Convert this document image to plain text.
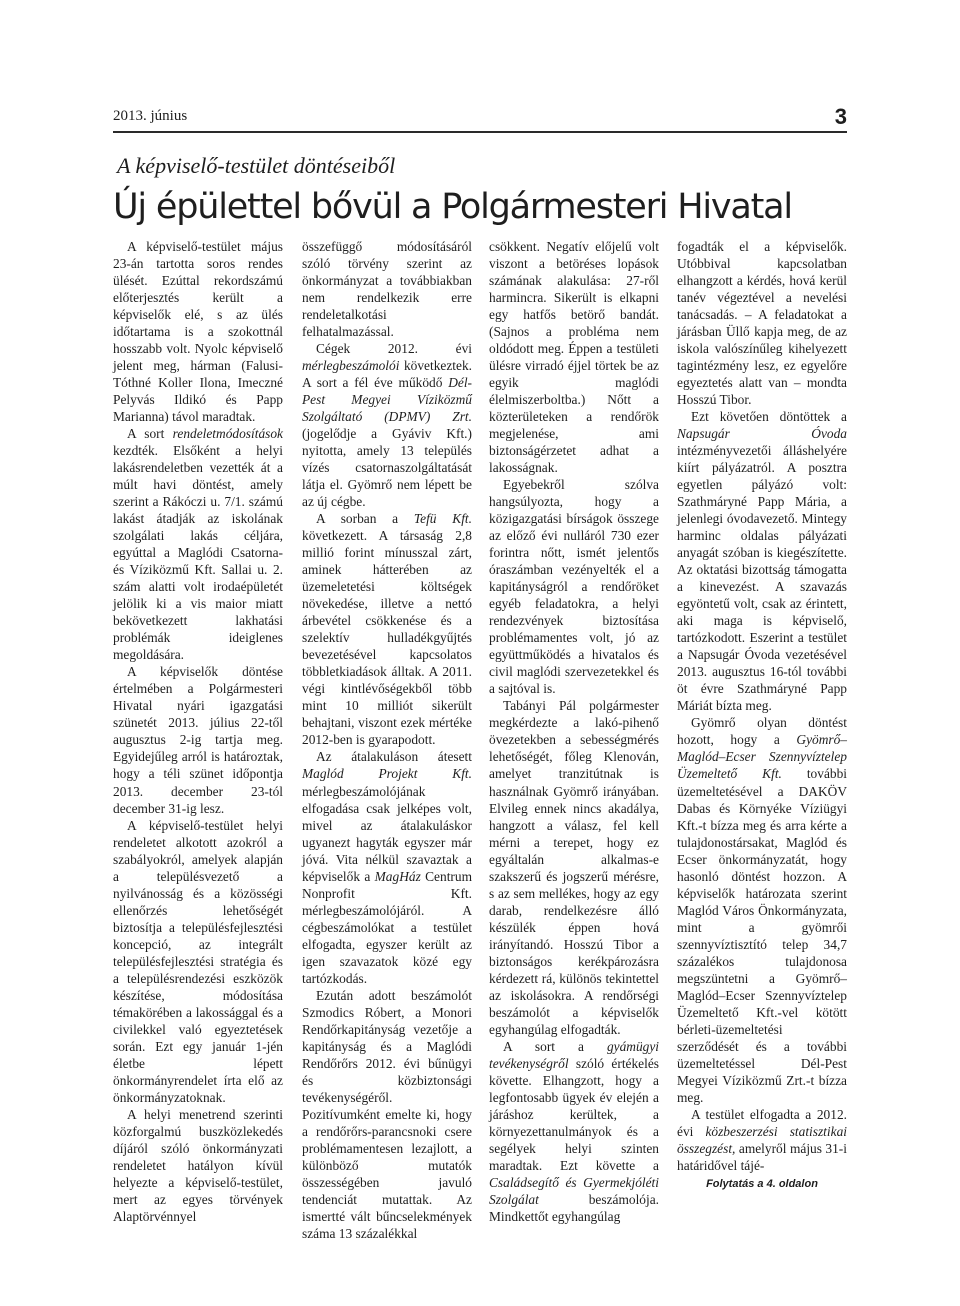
2013. június	3
A képviselő-testület döntéseiből
Új épülettel bővül a Polgármesteri Hivatal

A képviselő-testület május 23-án tartotta soros rendes ülését. Ezúttal rekordszámú előterjesztés került a képviselők elé, s az ülés időtartama is a szokottnál hosszabb volt. Nyolc képviselő jelent meg, hárman (Falusi-Tóthné Koller Ilona, Imeczné Pelyvás Ildikó és Papp Marianna) távol maradtak.

A sort rendeletmódosítások kezdték. Elsőként a helyi lakásrendeletben vezették át a múlt havi döntést, amely szerint a Rákóczi u. 7/1. számú lakást átadják az iskolának szolgálati lakás céljára, egyúttal a Maglódi Csatorna- és Víziközmű Kft. Sallai u. 2. szám alatti volt irodaépületét jelölik ki a vis maior miatt bekövetkezett lakhatási problémák ideiglenes megoldására.

A képviselők döntése értelmében a Polgármesteri Hivatal nyári igazgatási szünetét 2013. július 22-től augusztus 2-ig tartja meg. Egyidejűleg arról is határoztak, hogy a téli szünet időpontja 2013. december 23-tól december 31-ig lesz.

A képviselő-testület helyi rendeletet alkotott azokról a szabályokról, amelyek alapján a településvezető a nyilvánosság és a közösségi ellenőrzés lehetőségét biztosítja a településfejlesztési koncepció, az integrált településfejlesztési stratégia és a településrendezési eszközök készítése, módosítása témakörében a lakossággal és a civilekkel való egyeztetések során. Ezt egy január 1-jén életbe lépett önkormányrendelet írta elő az önkormányzatoknak.

A helyi menetrend szerinti közforgalmú buszközlekedés díjáról szóló önkormányzati rendeletet hatályon kívül helyezte a képviselő-testület, mert az egyes törvények Alaptörvénnyel

összefüggő módosításáról szóló törvény szerint az önkormányzat a továbbiakban nem rendelkezik erre rendeletalkotási felhatalmazással.

Cégek 2012. évi mérlegbeszámolói következtek. A sort a fél éve működő Dél-Pest Megyei Víziközmű Szolgáltató (DPMV) Zrt. (jogelődje a Gyáviv Kft.) nyitotta, amely 13 település vízés csatornaszolgáltatását látja el. Gyömrő nem lépett be az új cégbe.

A sorban a Tefü Kft. következett. A társaság 2,8 millió forint mínusszal zárt, aminek hátterében az üzemeletetési költségek növekedése, illetve a nettó árbevétel csökkenése és a szelektív hulladékgyűjtés bevezetésével kapcsolatos többletkiadások álltak. A 2011. végi kintlévőségekből több mint 10 milliót sikerült behajtani, viszont ezek mértéke 2012-ben is gyarapodott.

Az átalakuláson átesett Maglód Projekt Kft. mérlegbeszámolójának elfogadása csak jelképes volt, mivel az átalakuláskor ugyanezt hagyták egyszer már jóvá. Vita nélkül szavaztak a képviselők a MagHáz Centrum Nonprofit Kft. mérlegbeszámolójáról. A cégbeszámolókat a testület elfogadta, egyszer került az igen szavazatok közé egy tartózkodás.

Ezután adott beszámolót Szmodics Róbert, a Monori Rendőrkapitányság vezetője a kapitányság és a Maglódi Rendőrőrs 2012. évi bűnügyi és közbiztonsági tevékenységéről. Pozitívumként emelte ki, hogy a rendőrőrs-parancsnoki csere problémamentesen lezajlott, a különböző mutatók összességében javuló tendenciát mutattak. Az ismertté vált bűncselekmények száma 13 százalékkal

csökkent. Negatív előjelű volt viszont a betöréses lopások számának alakulása: 27-ről harmincra. Sikerült is elkapni egy hatfős betörő bandát. (Sajnos a probléma nem oldódott meg. Éppen a testületi ülésre virradó éjjel törtek be az egyik maglódi élelmiszerboltba.) Nőtt a közterületeken a rendőrök megjelenése, ami biztonságérzetet adhat a lakosságnak.

Egyebekről szólva hangsúlyozta, hogy a közigazgatási bírságok összege az előző évi nulláról 730 ezer forintra nőtt, ismét jelentős óraszámban vezényelték el a kapitányságról a rendőröket egyéb feladatokra, a helyi rendezvények biztosítása problémamentes volt, jó az együttműködés a hivatalos és civil maglódi szervezetekkel és a sajtóval is.

Tabányi Pál polgármester megkérdezte a lakó-pihenő övezetekben a sebességmérés lehetőségét, főleg Klenován, amelyet tranzitútnak is használnak Gyömrő irányában. Elvileg ennek nincs akadálya, hangzott a válasz, fel kell mérni a terepet, hogy ez egyáltalán alkalmas-e szakszerű és jogszerű mérésre, s az sem mellékes, hogy az egy darab, rendelkezésre álló készülék éppen hová irányítandó. Hosszú Tibor a biztonságos kerékpározásra kérdezett rá, különös tekintettel az iskolásokra. A rendőrségi beszámolót a képviselők egyhangúlag elfogadták.

A sort a gyámügyi tevékenységről szóló értékelés követte. Elhangzott, hogy a legfontosabb ügyek év elején a járáshoz kerültek, a környezettanulmányok és a segélyek helyi szinten maradtak. Ezt követte a Családsegítő és Gyermekjóléti Szolgálat beszámolója. Mindkettőt egyhangúlag

fogadták el a képviselők. Utóbbival kapcsolatban elhangzott a kérdés, hová kerül tanév végeztével a nevelési tanácsadás. – A feladatokat a járásban Üllő kapja meg, de az iskola valószínűleg kihelyezett tagintézmény lesz, ez egyelőre egyeztetés alatt van – mondta Hosszú Tibor.

Ezt követően döntöttek a Napsugár Óvoda intézményvezetői álláshelyére kiírt pályázatról. A posztra egyetlen pályázó volt: Szathmáryné Papp Mária, a jelenlegi óvodavezető. Mintegy harminc oldalas pályázati anyagát szóban is kiegészítette. Az oktatási bizottság támogatta a kinevezést. A szavazás egyöntetű volt, csak az érintett, aki maga is képviselő, tartózkodott. Eszerint a testület a Napsugár Óvoda vezetésével 2013. augusztus 16-tól további öt évre Szathmáryné Papp Máriát bízta meg.

Gyömrő olyan döntést hozott, hogy a Gyömrő–Maglód–Ecser Szennyvíztelep Üzemeltető Kft. további üzemeltetésével a DAKÖV Dabas és Környéke Víziügyi Kft.-t bízza meg és arra kérte a tulajdonostársakat, Maglód és Ecser önkormányzatát, hogy hasonló döntést hozzon. A képviselők határozata szerint Maglód Város Önkormányzata, mint a gyömrői szennyvíztisztító telep 34,7 százalékos tulajdonosa megszüntetni a Gyömrő–Maglód–Ecser Szennyvíztelep Üzemeltető Kft.-vel kötött bérleti-üzemeltetési szerződését és a további üzemeltetéssel Dél-Pest Megyei Víziközmű Zrt.-t bízza meg.

A testület elfogadta a 2012. évi közbeszerzési statisztikai összegzést, amelyről május 31-i határidővel tájé-

Folytatás a 4. oldalon
